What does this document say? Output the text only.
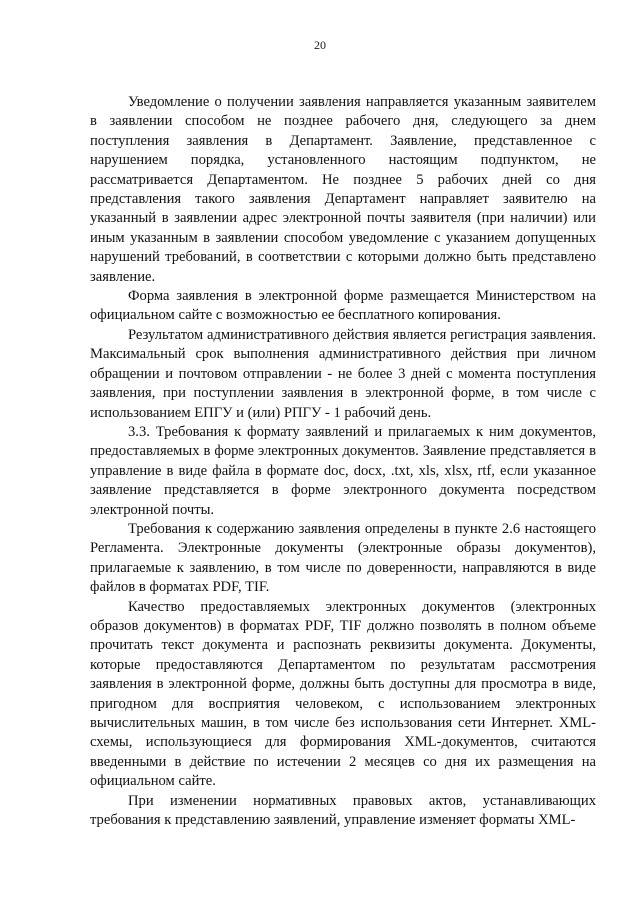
20

Уведомление о получении заявления направляется указанным заявителем в заявлении способом не позднее рабочего дня, следующего за днем поступления заявления в Департамент. Заявление, представленное с нарушением порядка, установленного настоящим подпунктом, не рассматривается Департаментом. Не позднее 5 рабочих дней со дня представления такого заявления Департамент направляет заявителю на указанный в заявлении адрес электронной почты заявителя (при наличии) или иным указанным в заявлении способом уведомление с указанием допущенных нарушений требований, в соответствии с которыми должно быть представлено заявление.

Форма заявления в электронной форме размещается Министерством на официальном сайте с возможностью ее бесплатного копирования.

Результатом административного действия является регистрация заявления. Максимальный срок выполнения административного действия при личном обращении и почтовом отправлении - не более 3 дней с момента поступления заявления, при поступлении заявления в электронной форме, в том числе с использованием ЕПГУ и (или) РПГУ - 1 рабочий день.

3.3. Требования к формату заявлений и прилагаемых к ним документов, предоставляемых в форме электронных документов. Заявление представляется в управление в виде файла в формате doc, docx, .txt, xls, xlsx, rtf, если указанное заявление представляется в форме электронного документа посредством электронной почты.

Требования к содержанию заявления определены в пункте 2.6 настоящего Регламента. Электронные документы (электронные образы документов), прилагаемые к заявлению, в том числе по доверенности, направляются в виде файлов в форматах PDF, TIF.

Качество предоставляемых электронных документов (электронных образов документов) в форматах PDF, TIF должно позволять в полном объеме прочитать текст документа и распознать реквизиты документа. Документы, которые предоставляются Департаментом по результатам рассмотрения заявления в электронной форме, должны быть доступны для просмотра в виде, пригодном для восприятия человеком, с использованием электронных вычислительных машин, в том числе без использования сети Интернет. XML-схемы, использующиеся для формирования XML-документов, считаются введенными в действие по истечении 2 месяцев со дня их размещения на официальном сайте.

При изменении нормативных правовых актов, устанавливающих требования к представлению заявлений, управление изменяет форматы XML-
